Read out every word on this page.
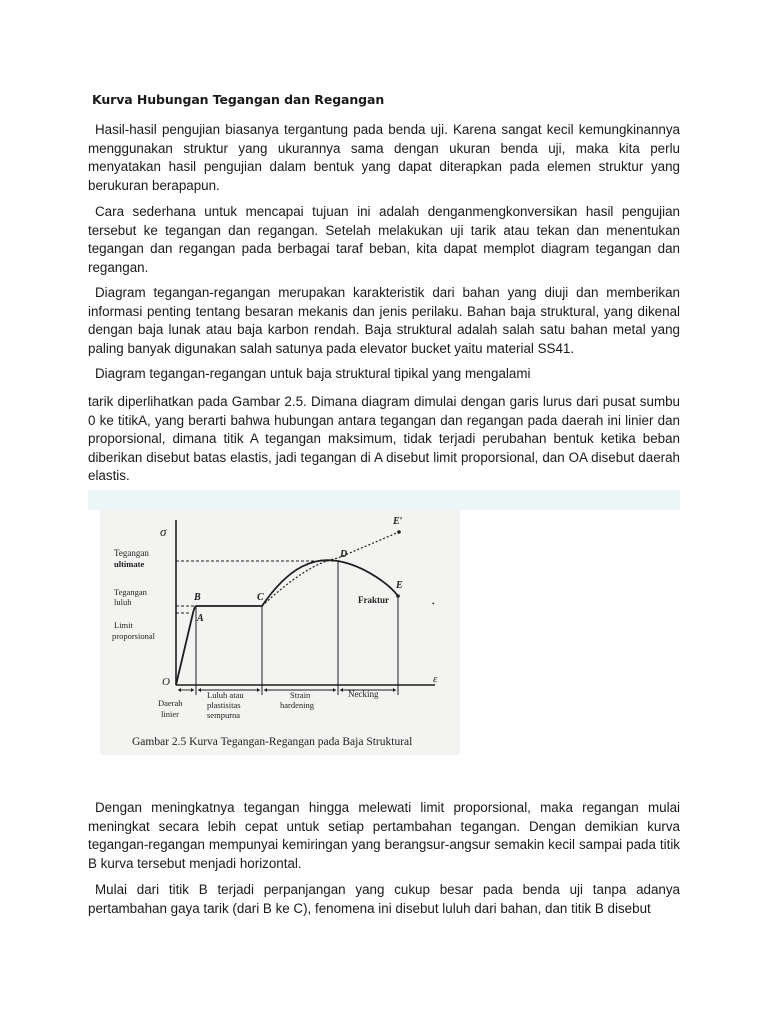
Kurva Hubungan Tegangan dan Regangan

Hasil-hasil pengujian biasanya tergantung pada benda uji. Karena sangat kecil kemungkinannya menggunakan struktur yang ukurannya sama dengan ukuran benda uji, maka kita perlu menyatakan hasil pengujian dalam bentuk yang dapat diterapkan pada elemen struktur yang berukuran berapapun.

Cara sederhana untuk mencapai tujuan ini adalah denganmengkonversikan hasil pengujian tersebut ke tegangan dan regangan. Setelah melakukan uji tarik atau tekan dan menentukan tegangan dan regangan pada berbagai taraf beban, kita dapat memplot diagram tegangan dan regangan.

Diagram tegangan-regangan merupakan karakteristik dari bahan yang diuji dan memberikan informasi penting tentang besaran mekanis dan jenis perilaku. Bahan baja struktural, yang dikenal dengan baja lunak atau baja karbon rendah. Baja struktural adalah salah satu bahan metal yang paling banyak digunakan salah satunya pada elevator bucket yaitu material SS41.

Diagram tegangan-regangan untuk baja struktural tipikal yang mengalami

tarik diperlihatkan pada Gambar 2.5. Dimana diagram dimulai dengan garis lurus dari pusat sumbu 0 ke titikA, yang berarti bahwa hubungan antara tegangan dan regangan pada daerah ini linier dan proporsional, dimana titik A tegangan maksimum, tidak terjadi perubahan bentuk ketika beban diberikan disebut batas elastis, jadi tegangan di A disebut limit proporsional, dan OA disebut daerah elastis.

σ
ε
O
A
B	C
D
E
E′
Tegangan
ultimate
Tegangan
luluh
Limit
proporsional
Fraktur	•
Daerah
linier
Luluh atau
plastisitas
sempurna
Strain
hardening
Necking
Gambar 2.5 Kurva Tegangan-Regangan pada Baja Struktural

Dengan meningkatnya tegangan hingga melewati limit proporsional, maka regangan mulai meningkat secara lebih cepat untuk setiap pertambahan tegangan. Dengan demikian kurva tegangan-regangan mempunyai kemiringan yang berangsur-angsur semakin kecil sampai pada titik B kurva tersebut menjadi horizontal.

Mulai dari titik B terjadi perpanjangan yang cukup besar pada benda uji tanpa adanya pertambahan gaya tarik (dari B ke C), fenomena ini disebut luluh dari bahan, dan titik B disebut
